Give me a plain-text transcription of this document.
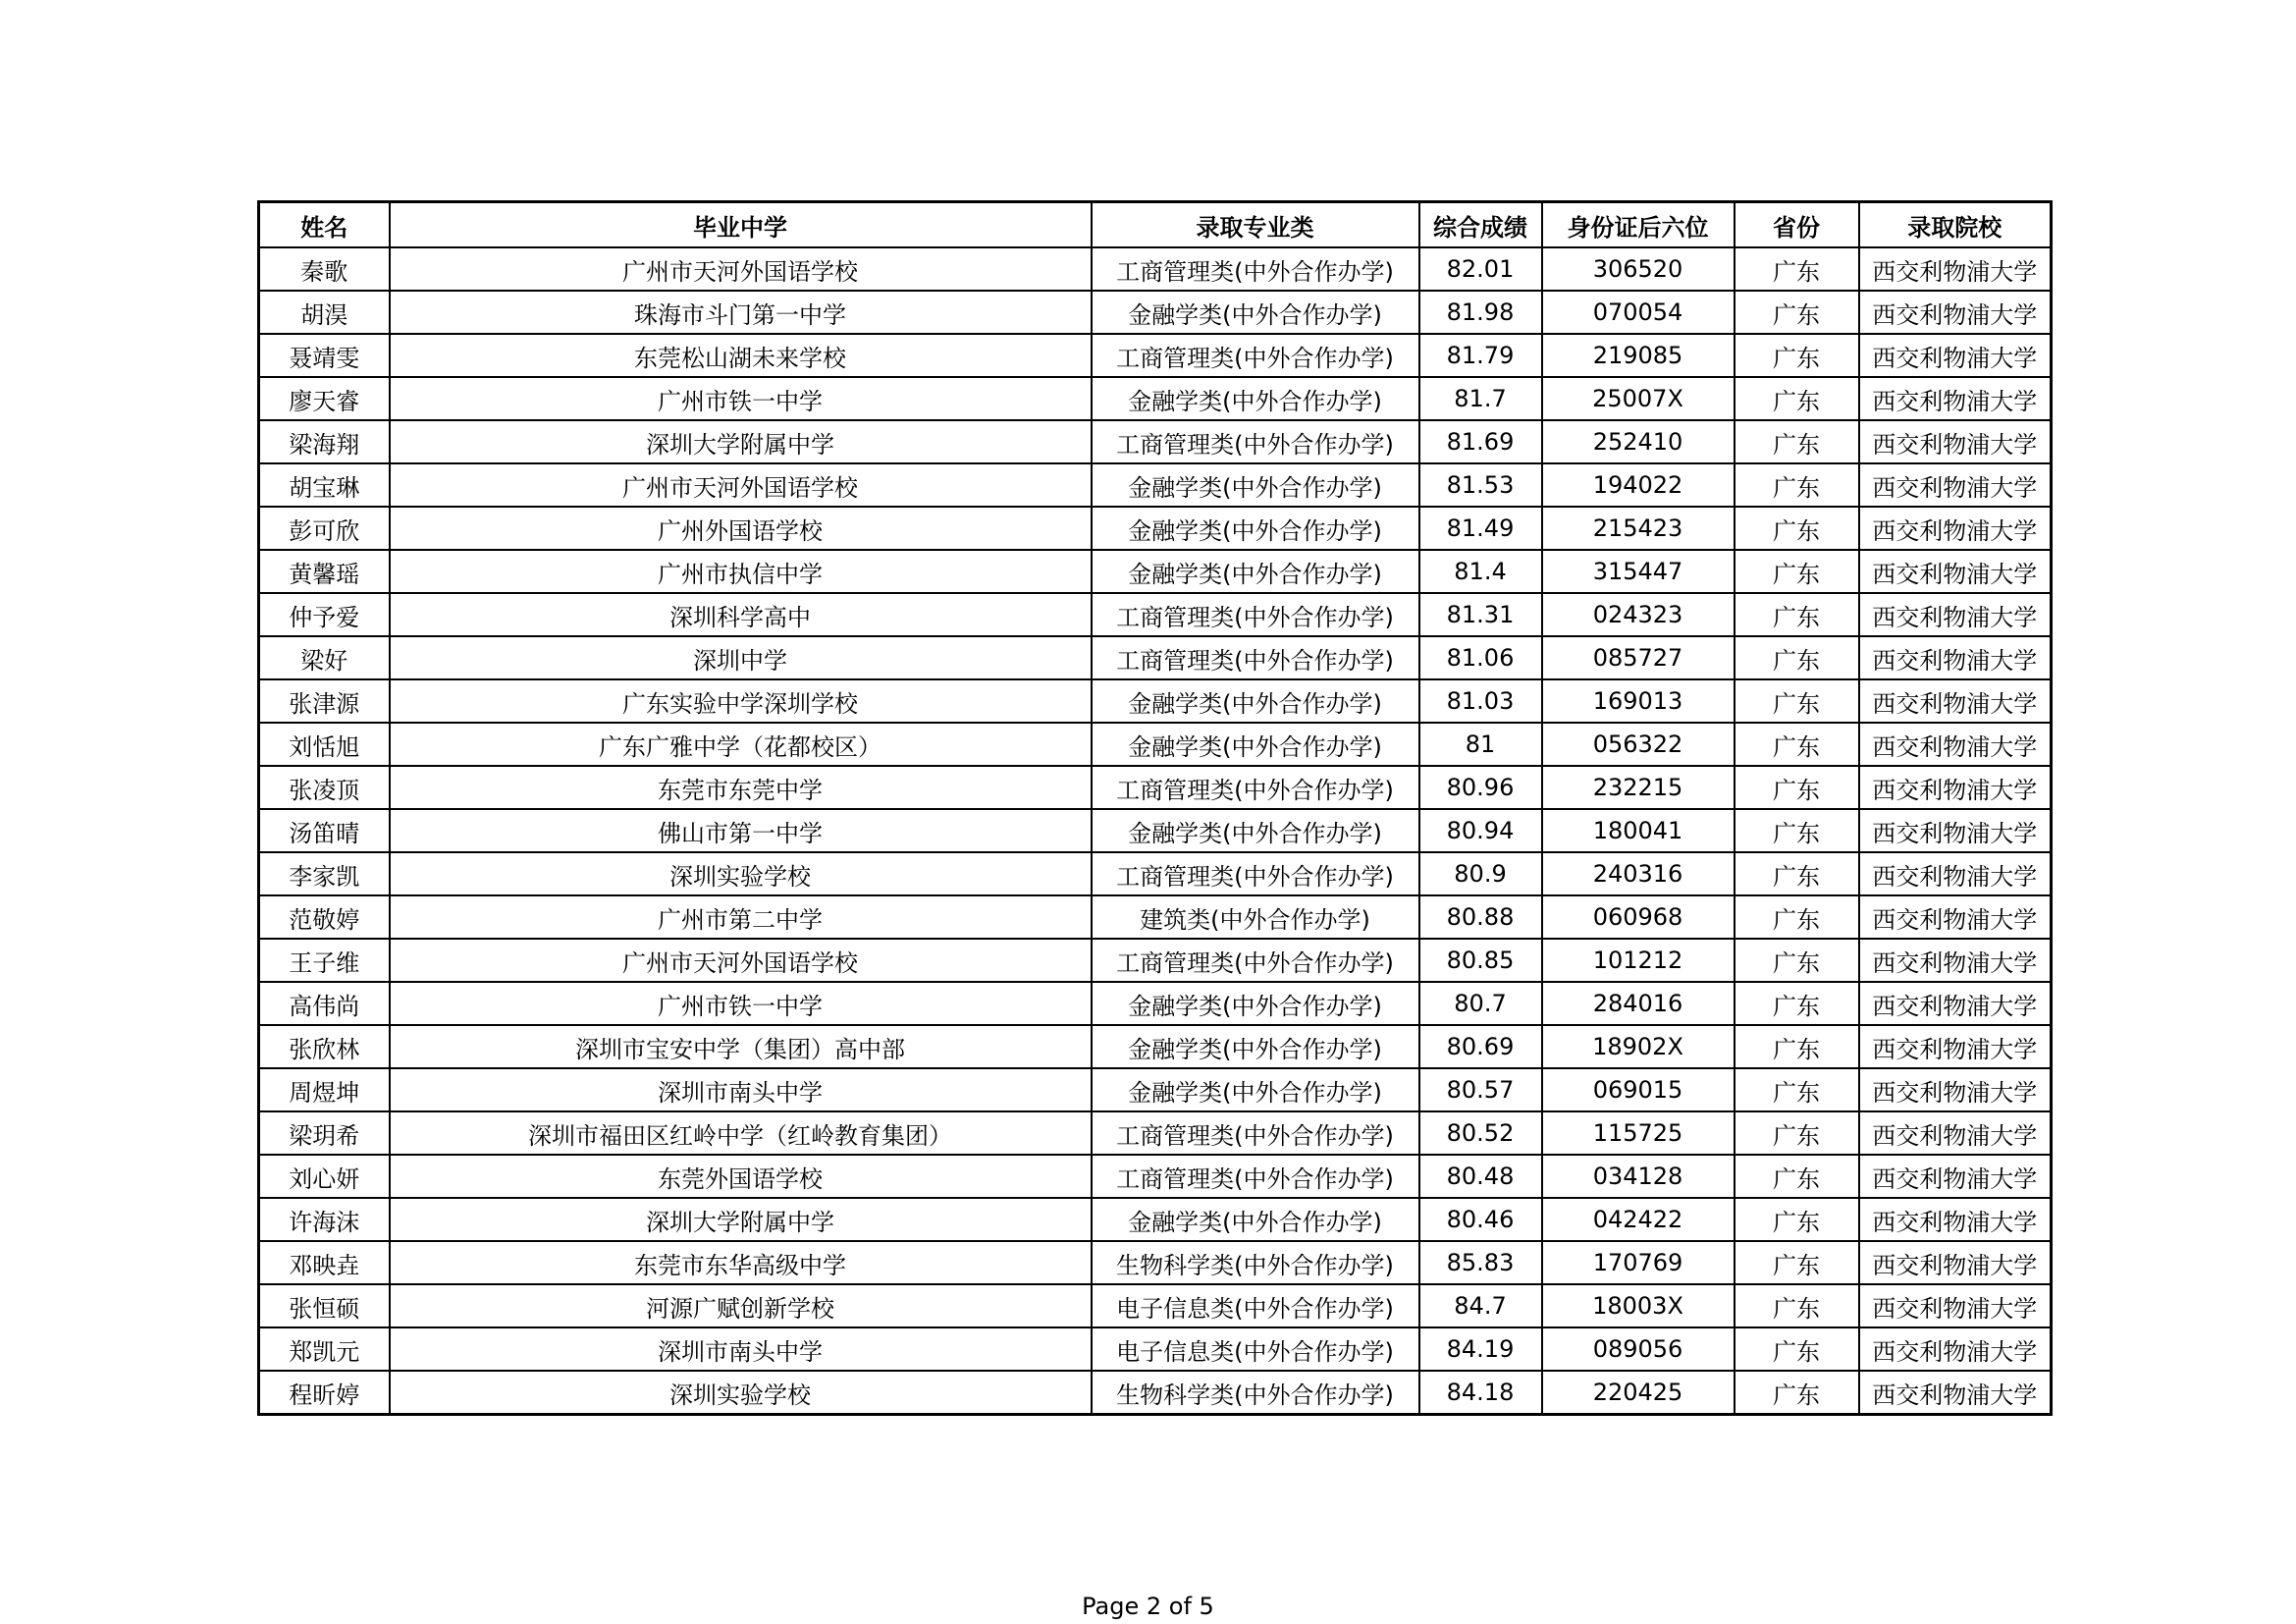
姓名	毕业中学	录取专业类	综合成绩	身份证后六位	省份	录取院校
秦歌	广州市天河外国语学校	工商管理类(中外合作办学)	82.01	306520	广东	西交利物浦大学
胡淏	珠海市斗门第一中学	金融学类(中外合作办学)	81.98	070054	广东	西交利物浦大学
聂靖雯	东莞松山湖未来学校	工商管理类(中外合作办学)	81.79	219085	广东	西交利物浦大学
廖天睿	广州市铁一中学	金融学类(中外合作办学)	81.7	25007X	广东	西交利物浦大学
梁海翔	深圳大学附属中学	工商管理类(中外合作办学)	81.69	252410	广东	西交利物浦大学
胡宝琳	广州市天河外国语学校	金融学类(中外合作办学)	81.53	194022	广东	西交利物浦大学
彭可欣	广州外国语学校	金融学类(中外合作办学)	81.49	215423	广东	西交利物浦大学
黄馨瑶	广州市执信中学	金融学类(中外合作办学)	81.4	315447	广东	西交利物浦大学
仲予爱	深圳科学高中	工商管理类(中外合作办学)	81.31	024323	广东	西交利物浦大学
梁好	深圳中学	工商管理类(中外合作办学)	81.06	085727	广东	西交利物浦大学
张津源	广东实验中学深圳学校	金融学类(中外合作办学)	81.03	169013	广东	西交利物浦大学
刘恬旭	广东广雅中学（花都校区）	金融学类(中外合作办学)	81	056322	广东	西交利物浦大学
张凌顶	东莞市东莞中学	工商管理类(中外合作办学)	80.96	232215	广东	西交利物浦大学
汤笛晴	佛山市第一中学	金融学类(中外合作办学)	80.94	180041	广东	西交利物浦大学
李家凯	深圳实验学校	工商管理类(中外合作办学)	80.9	240316	广东	西交利物浦大学
范敬婷	广州市第二中学	建筑类(中外合作办学)	80.88	060968	广东	西交利物浦大学
王子维	广州市天河外国语学校	工商管理类(中外合作办学)	80.85	101212	广东	西交利物浦大学
高伟尚	广州市铁一中学	金融学类(中外合作办学)	80.7	284016	广东	西交利物浦大学
张欣林	深圳市宝安中学（集团）高中部	金融学类(中外合作办学)	80.69	18902X	广东	西交利物浦大学
周煜坤	深圳市南头中学	金融学类(中外合作办学)	80.57	069015	广东	西交利物浦大学
梁玥希	深圳市福田区红岭中学（红岭教育集团）	工商管理类(中外合作办学)	80.52	115725	广东	西交利物浦大学
刘心妍	东莞外国语学校	工商管理类(中外合作办学)	80.48	034128	广东	西交利物浦大学
许海沫	深圳大学附属中学	金融学类(中外合作办学)	80.46	042422	广东	西交利物浦大学
邓映垚	东莞市东华高级中学	生物科学类(中外合作办学)	85.83	170769	广东	西交利物浦大学
张恒硕	河源广赋创新学校	电子信息类(中外合作办学)	84.7	18003X	广东	西交利物浦大学
郑凯元	深圳市南头中学	电子信息类(中外合作办学)	84.19	089056	广东	西交利物浦大学
程昕婷	深圳实验学校	生物科学类(中外合作办学)	84.18	220425	广东	西交利物浦大学
Page 2 of 5
